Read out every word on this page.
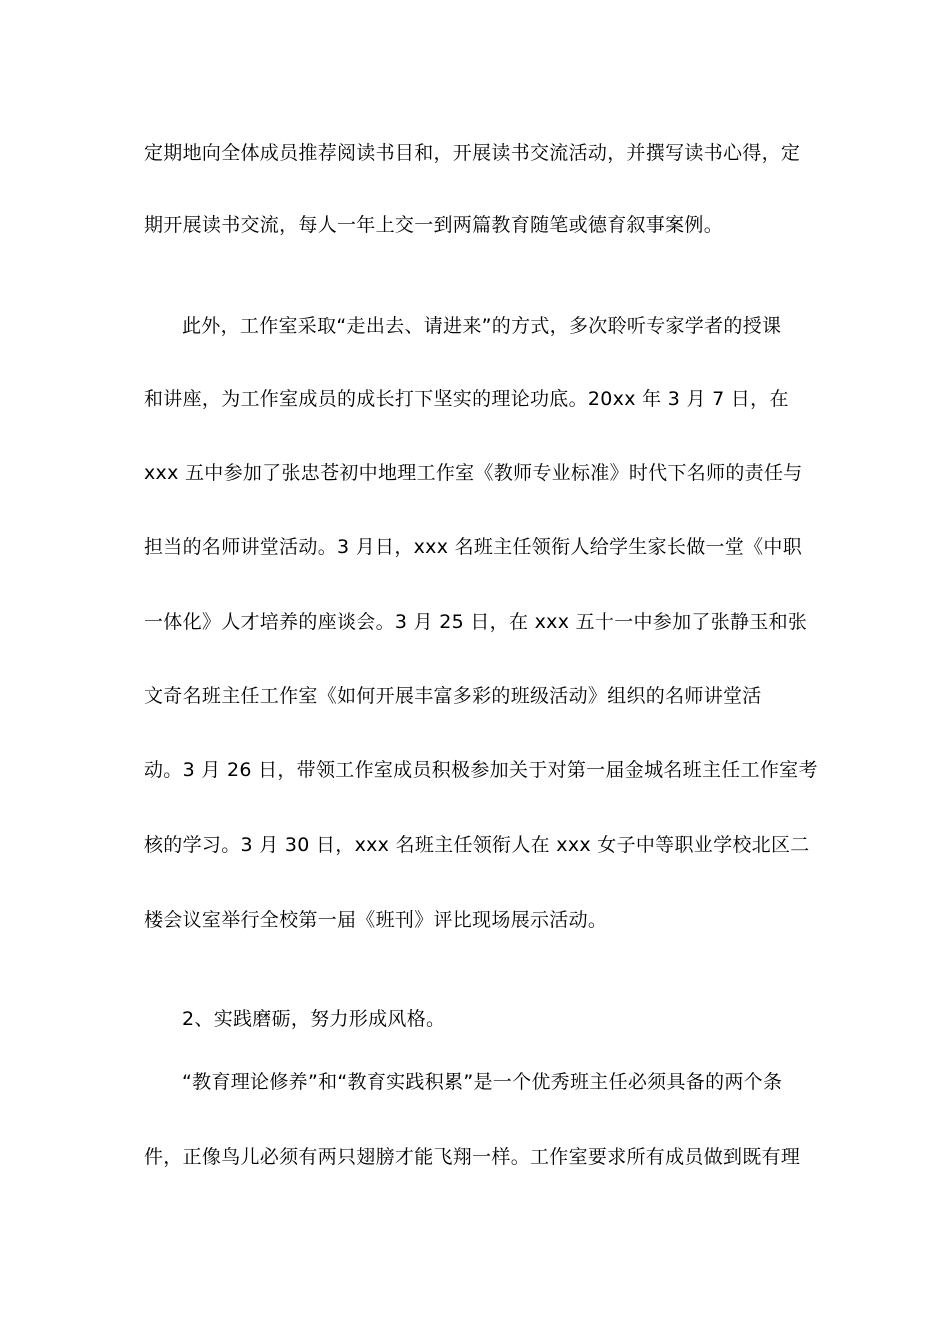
定期地向全体成员推荐阅读书目和，开展读书交流活动，并撰写读书心得，定
期开展读书交流，每人一年上交一到两篇教育随笔或德育叙事案例。
此外，工作室采取“走出去、请进来”的方式，多次聆听专家学者的授课
和讲座，为工作室成员的成长打下坚实的理论功底。20xx 年 3 月 7 日，在
xxx 五中参加了张忠苍初中地理工作室《教师专业标准》时代下名师的责任与
担当的名师讲堂活动。3 月日，xxx 名班主任领衔人给学生家长做一堂《中职
一体化》人才培养的座谈会。3 月 25 日，在 xxx 五十一中参加了张静玉和张
文奇名班主任工作室《如何开展丰富多彩的班级活动》组织的名师讲堂活
动。3 月 26 日，带领工作室成员积极参加关于对第一届金城名班主任工作室考
核的学习。3 月 30 日，xxx 名班主任领衔人在 xxx 女子中等职业学校北区二
楼会议室举行全校第一届《班刊》评比现场展示活动。
2、实践磨砺，努力形成风格。
“教育理论修养”和“教育实践积累”是一个优秀班主任必须具备的两个条
件，正像鸟儿必须有两只翅膀才能飞翔一样。工作室要求所有成员做到既有理
